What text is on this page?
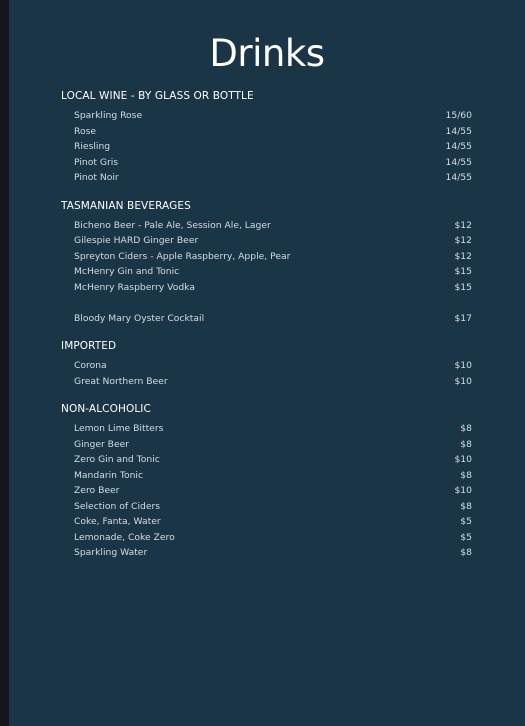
Drinks
LOCAL WINE - BY GLASS OR BOTTLE
Sparkling Rose	15/60
Rose	14/55
Riesling	14/55
Pinot Gris	14/55
Pinot Noir	14/55
TASMANIAN BEVERAGES
Bicheno Beer - Pale Ale, Session Ale, Lager	$12
Gilespie HARD Ginger Beer	$12
Spreyton Ciders - Apple Raspberry, Apple, Pear	$12
McHenry Gin and Tonic	$15
McHenry Raspberry Vodka	$15
Bloody Mary Oyster Cocktail	$17
IMPORTED
Corona	$10
Great Northern Beer	$10
NON-ALCOHOLIC
Lemon Lime Bitters	$8
Ginger Beer	$8
Zero Gin and Tonic	$10
Mandarin Tonic	$8
Zero Beer	$10
Selection of Ciders	$8
Coke, Fanta, Water	$5
Lemonade, Coke Zero	$5
Sparkling Water	$8
